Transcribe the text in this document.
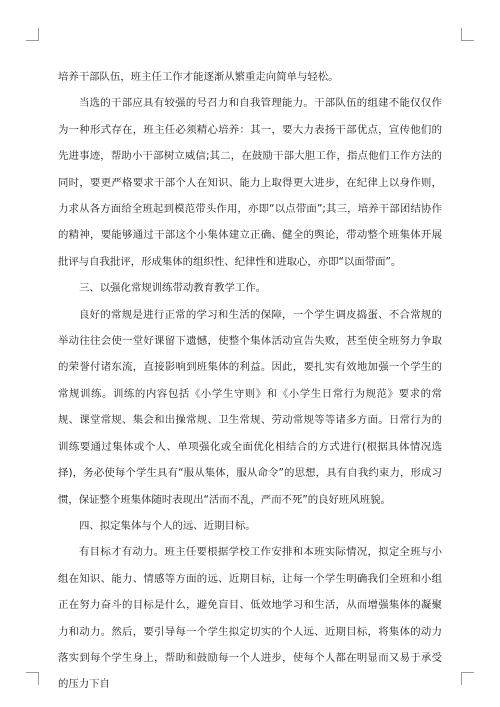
培养干部队伍，班主任工作才能逐渐从繁重走向简单与轻松。

当选的干部应具有较强的号召力和自我管理能力。干部队伍的组建不能仅仅作为一种形式存在，班主任必须精心培养：其一，要大力表扬干部优点，宣传他们的先进事迹，帮助小干部树立威信;其二，在鼓励干部大胆工作，指点他们工作方法的同时，要更严格要求干部个人在知识、能力上取得更大进步，在纪律上以身作则，力求从各方面给全班起到模范带头作用，亦即“以点带面”;其三，培养干部团结协作的精神，要能够通过干部这个小集体建立正确、健全的舆论，带动整个班集体开展批评与自我批评，形成集体的组织性、纪律性和进取心，亦即“以面带面”。

三、以强化常规训练带动教育教学工作。

良好的常规是进行正常的学习和生活的保障，一个学生调皮捣蛋、不合常规的举动往往会使一堂好课留下遗憾，使整个集体活动宣告失败，甚至使全班努力争取的荣誉付诸东流，直接影响到班集体的利益。因此，要扎实有效地加强一个学生的常规训练。训练的内容包括《小学生守则》和《小学生日常行为规范》要求的常规、课堂常规、集会和出操常规、卫生常规、劳动常规等等诸多方面。日常行为的训练要通过集体或个人、单项强化或全面优化相结合的方式进行(根据具体情况选择)，务必使每个学生具有“服从集体，服从命令”的思想，具有自我约束力，形成习惯，保证整个班集体随时表现出“活而不乱，严而不死”的良好班风班貌。

四、拟定集体与个人的远、近期目标。

有目标才有动力。班主任要根据学校工作安排和本班实际情况，拟定全班与小组在知识、能力、情感等方面的远、近期目标，让每一个学生明确我们全班和小组正在努力奋斗的目标是什么，避免盲目、低效地学习和生活，从而增强集体的凝聚力和动力。然后，要引导每一个学生拟定切实的个人远、近期目标，将集体的动力落实到每个学生身上，帮助和鼓励每一个人进步，使每个人都在明显而又易于承受的压力下自
